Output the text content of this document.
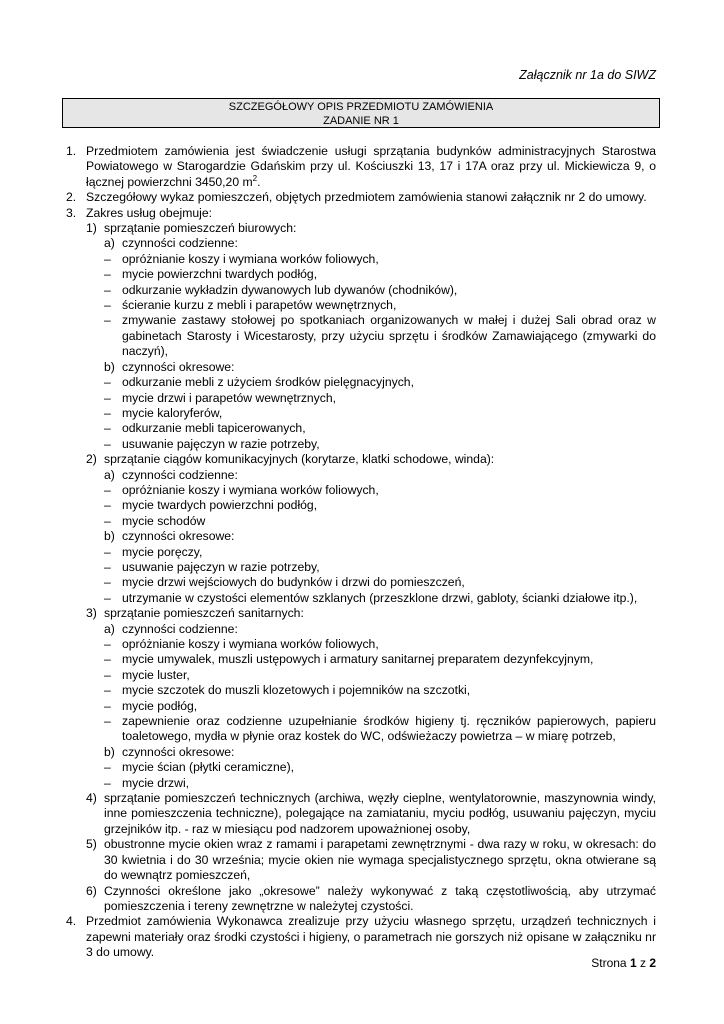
Załącznik nr 1a do SIWZ
SZCZEGÓŁOWY OPIS PRZEDMIOTU ZAMÓWIENIA
ZADANIE NR 1
1. Przedmiotem zamówienia jest świadczenie usługi sprzątania budynków administracyjnych Starostwa Powiatowego w Starogardzie Gdańskim przy ul. Kościuszki 13, 17 i 17A oraz przy ul. Mickiewicza 9, o łącznej powierzchni 3450,20 $m^2$.
2. Szczegółowy wykaz pomieszczeń, objętych przedmiotem zamówienia stanowi załącznik nr 2 do umowy.
3. Zakres usług obejmuje:
1) sprzątanie pomieszczeń biurowych:
a) czynności codzienne:
– opróżnianie koszy i wymiana worków foliowych,
– mycie powierzchni twardych podłóg,
– odkurzanie wykładzin dywanowych lub dywanów (chodników),
– ścieranie kurzu z mebli i parapetów wewnętrznych,
– zmywanie zastawy stołowej po spotkaniach organizowanych w małej i dużej Sali obrad oraz w gabinetach Starosty i Wicestarosty, przy użyciu sprzętu i środków Zamawiającego (zmywarki do naczyń),
b) czynności okresowe:
– odkurzanie mebli z użyciem środków pielęgnacyjnych,
– mycie drzwi i parapetów wewnętrznych,
– mycie kaloryferów,
– odkurzanie mebli tapicerowanych,
– usuwanie pajęczyn w razie potrzeby,
2) sprzątanie ciągów komunikacyjnych (korytarze, klatki schodowe, winda):
a) czynności codzienne:
– opróżnianie koszy i wymiana worków foliowych,
– mycie twardych powierzchni podłóg,
– mycie schodów
b) czynności okresowe:
– mycie poręczy,
– usuwanie pajęczyn w razie potrzeby,
– mycie drzwi wejściowych do budynków i drzwi do pomieszczeń,
– utrzymanie w czystości elementów szklanych (przeszklone drzwi, gabloty, ścianki działowe itp.),
3) sprzątanie pomieszczeń sanitarnych:
a) czynności codzienne:
– opróżnianie koszy i wymiana worków foliowych,
– mycie umywalek, muszli ustępowych i armatury sanitarnej preparatem dezynfekcyjnym,
– mycie luster,
– mycie szczotek do muszli klozetowych i pojemników na szczotki,
– mycie podłóg,
– zapewnienie oraz codzienne uzupełnianie środków higieny tj. ręczników papierowych, papieru toaletowego, mydła w płynie oraz kostek do WC, odświeżaczy powietrza – w miarę potrzeb,
b) czynności okresowe:
– mycie ścian (płytki ceramiczne),
– mycie drzwi,
4) sprzątanie pomieszczeń technicznych (archiwa, węzły cieplne, wentylatorownie, maszynownia windy, inne pomieszczenia techniczne), polegające na zamiataniu, myciu podłóg, usuwaniu pajęczyn, myciu grzejników itp. - raz w miesiącu pod nadzorem upoważnionej osoby,
5) obustronne mycie okien wraz z ramami i parapetami zewnętrznymi - dwa razy w roku, w okresach: do 30 kwietnia i do 30 września; mycie okien nie wymaga specjalistycznego sprzętu, okna otwierane są do wewnątrz pomieszczeń,
6) Czynności określone jako „okresowe” należy wykonywać z taką częstotliwością, aby utrzymać pomieszczenia i tereny zewnętrzne w należytej czystości.
4. Przedmiot zamówienia Wykonawca zrealizuje przy użyciu własnego sprzętu, urządzeń technicznych i zapewni materiały oraz środki czystości i higieny, o parametrach nie gorszych niż opisane w załączniku nr 3 do umowy.
Strona 1 z 2
